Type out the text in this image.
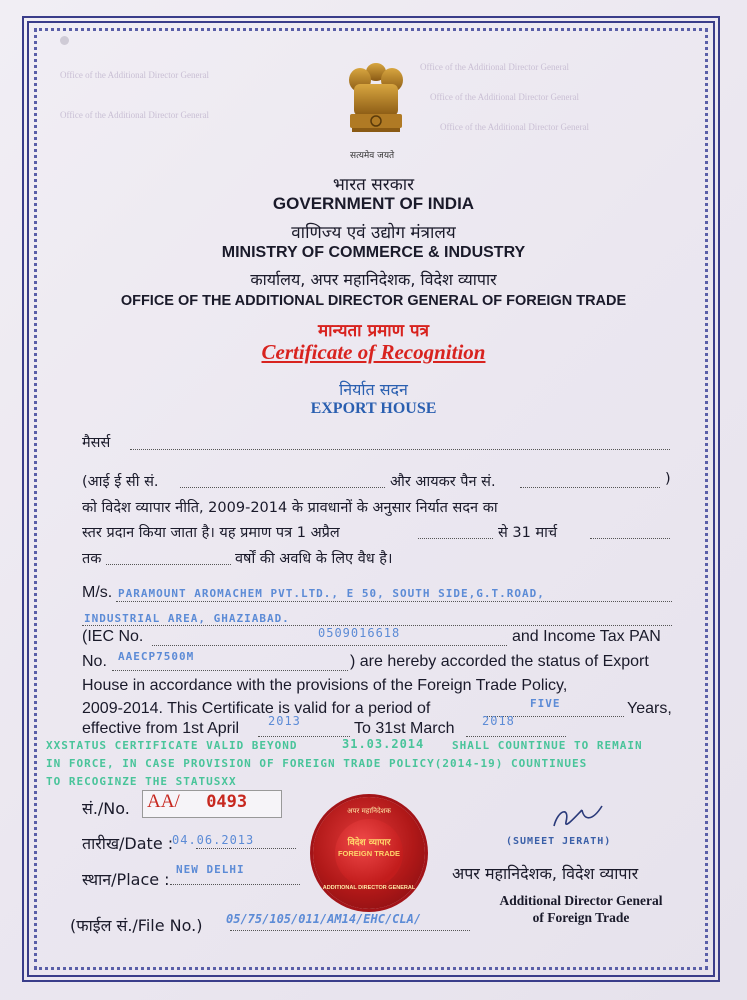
Office of the Additional Director General
Office of the Additional Director General
Office of the Additional Director General
Office of the Additional Director General
Office of the Additional Director General
सत्यमेव जयते
भारत सरकार
GOVERNMENT OF INDIA
वाणिज्य एवं उद्योग मंत्रालय
MINISTRY OF COMMERCE & INDUSTRY
कार्यालय, अपर महानिदेशक, विदेश व्यापार
OFFICE OF THE ADDITIONAL DIRECTOR GENERAL OF FOREIGN TRADE
मान्यता प्रमाण पत्र
Certificate of Recognition
निर्यात सदन
EXPORT HOUSE
मैसर्स
(आई ई सी सं.	और आयकर पैन सं.	)
को विदेश व्यापार नीति, 2009-2014 के प्रावधानों के अनुसार निर्यात सदन का
स्तर प्रदान किया जाता है। यह प्रमाण पत्र 1 अप्रैल	से 31 मार्च
तक	वर्षों की अवधि के लिए वैध है।
M/s. PARAMOUNT AROMACHEM PVT.LTD., E 50, SOUTH SIDE,G.T.ROAD,
INDUSTRIAL AREA, GHAZIABAD.
(IEC No.	0509016618	and Income Tax PAN
No. AAECP7500M	) are hereby accorded the status of Export
House in accordance with the provisions of the Foreign Trade Policy,
2009-2014. This Certificate is valid for a period of	FIVE	Years,
effective from 1st April 2013	To 31st March 2018
XXSTATUS CERTIFICATE VALID BEYOND	31.03.2014	SHALL COUNTINUE TO REMAIN
IN FORCE, IN CASE PROVISION OF FOREIGN TRADE POLICY(2014-19) COUNTINUES
TO RECOGINZE THE STATUSXX
सं./No. AA/ 0493
तारीख/Date :
04.06.2013
स्थान/Place :
NEW DELHI
(फाईल सं./File No.) 05/75/105/011/AM14/EHC/CLA/
अपर महानिदेशक
विदेश व्यापार
FOREIGN TRADE
ADDITIONAL DIRECTOR GENERAL
(SUMEET JERATH)
अपर महानिदेशक, विदेश व्यापार
Additional Director General
of Foreign Trade
